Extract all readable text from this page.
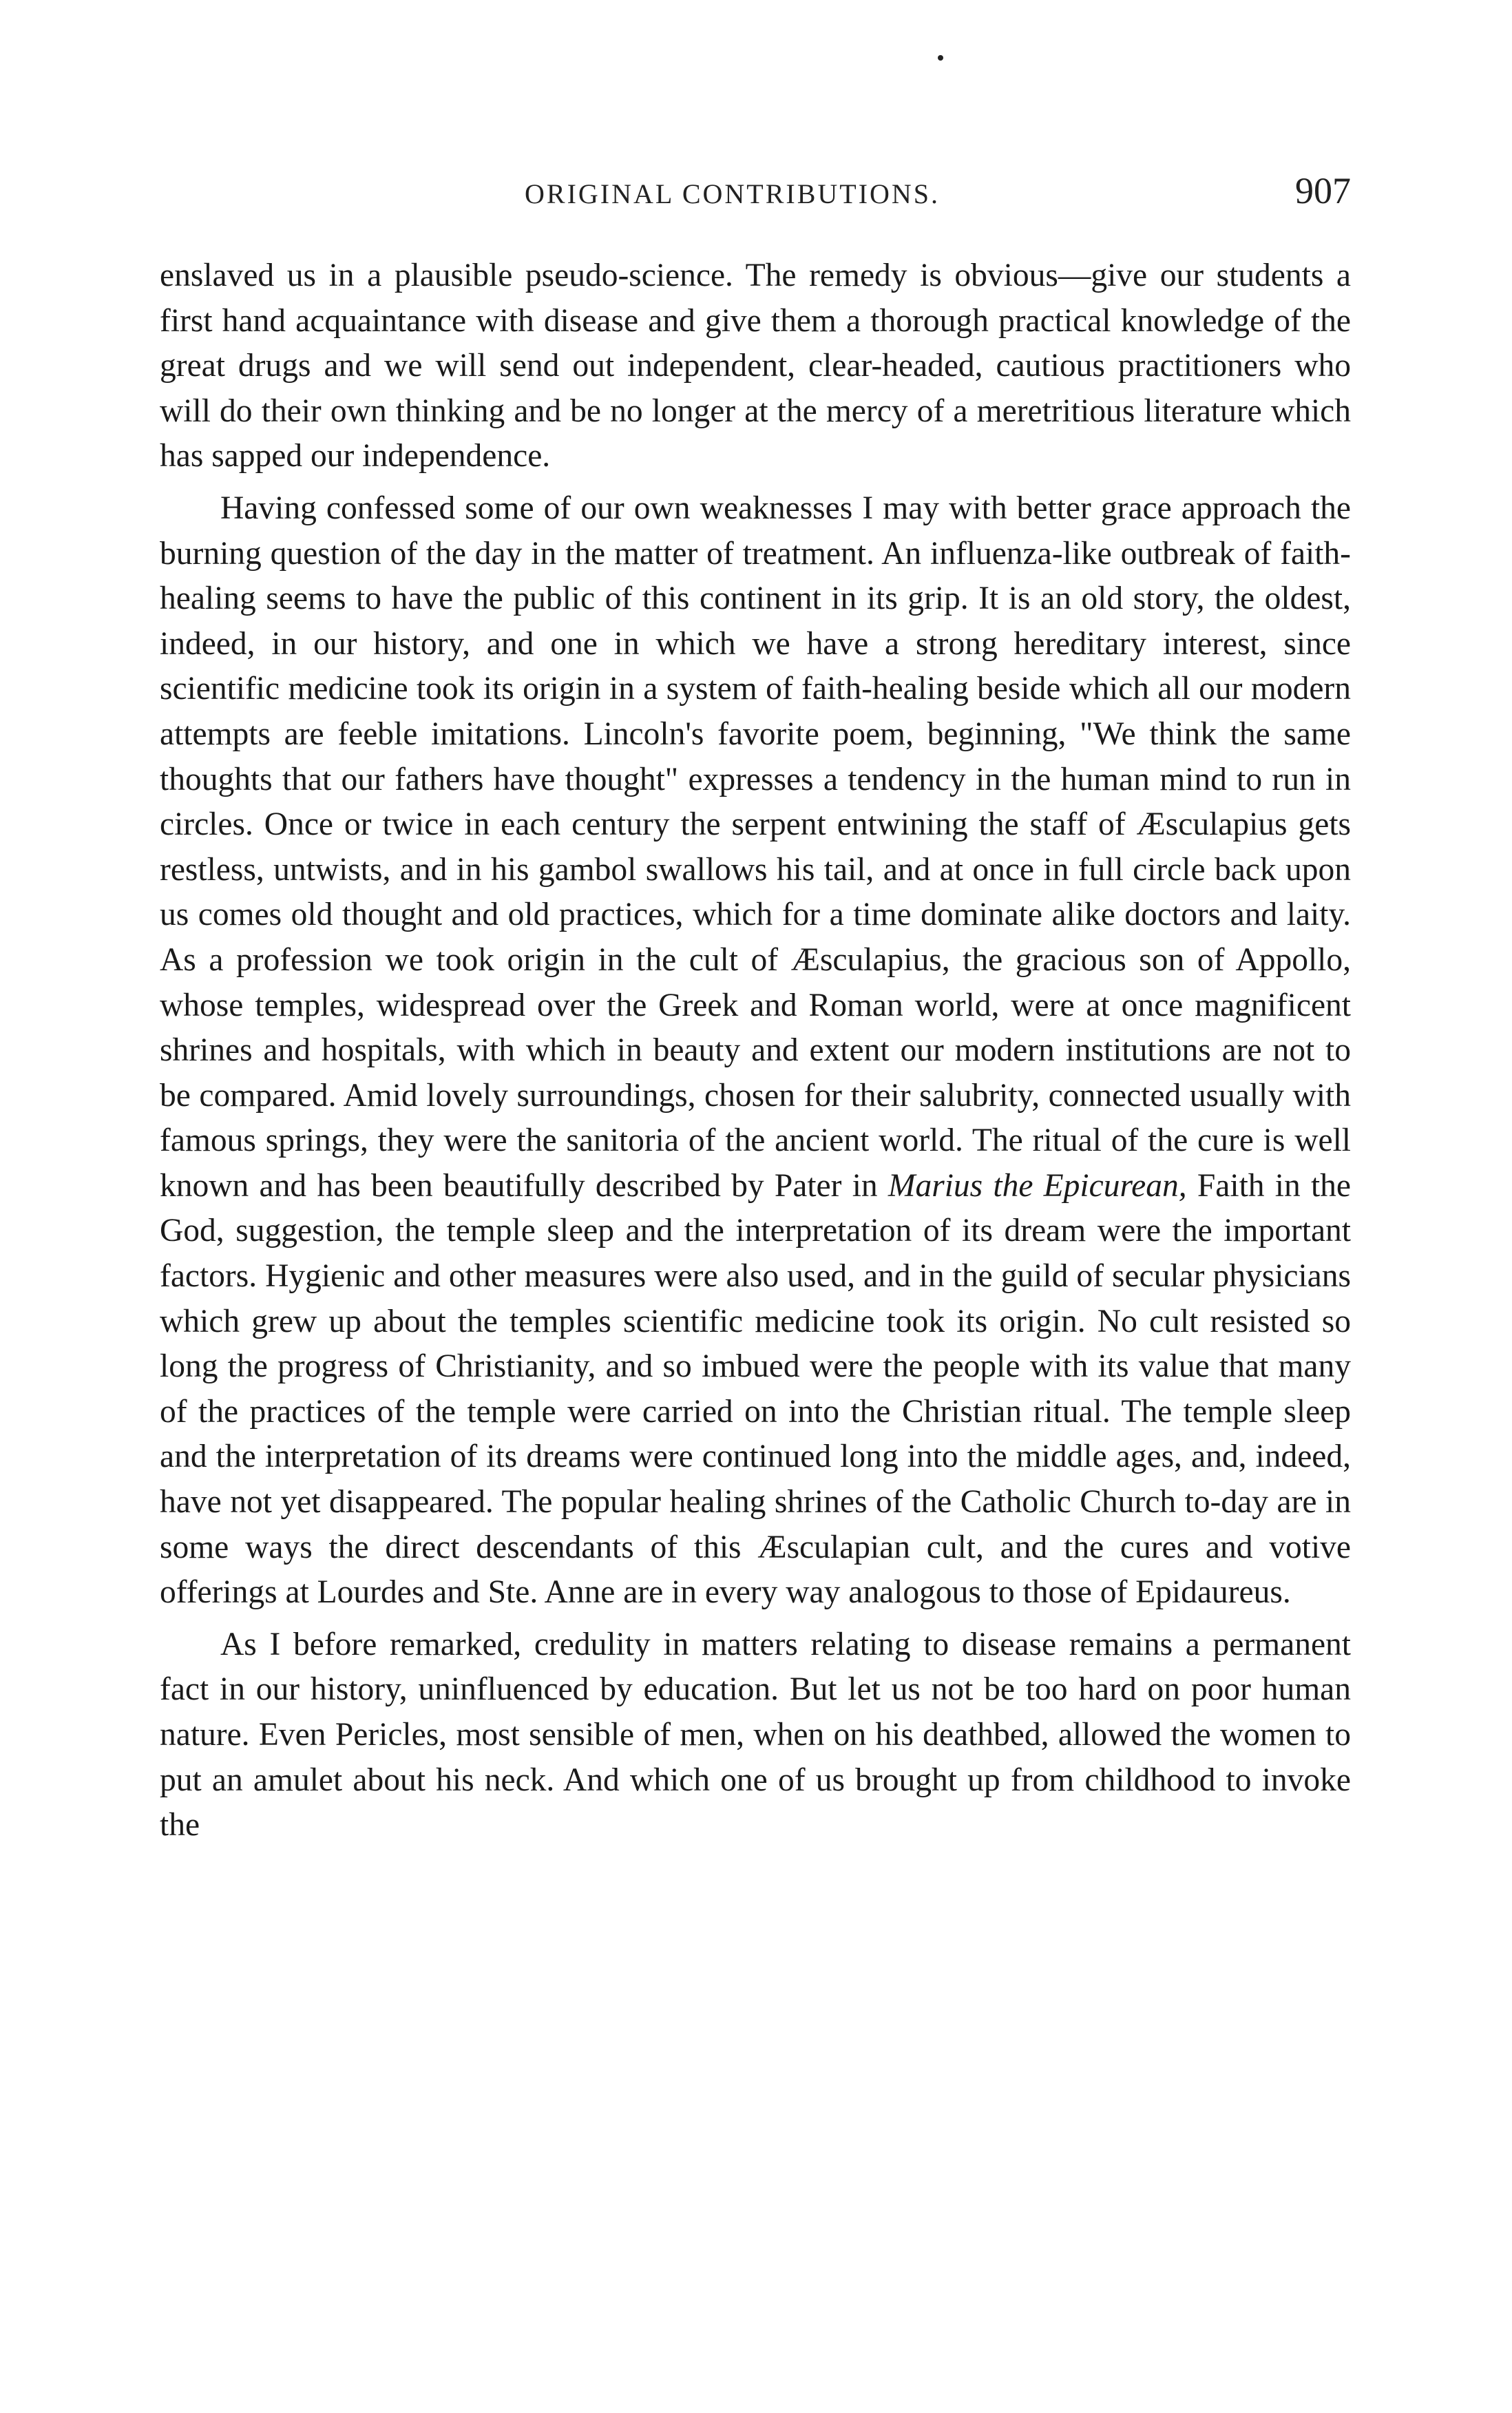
ORIGINAL CONTRIBUTIONS.	907

enslaved us in a plausible pseudo-science. The remedy is obvious—give our students a first hand acquaintance with disease and give them a thorough practical knowledge of the great drugs and we will send out independent, clear-headed, cautious practitioners who will do their own thinking and be no longer at the mercy of a meretritious literature which has sapped our independence.

Having confessed some of our own weaknesses I may with better grace approach the burning question of the day in the matter of treatment. An influenza-like outbreak of faith-healing seems to have the public of this continent in its grip. It is an old story, the oldest, indeed, in our history, and one in which we have a strong hereditary interest, since scientific medicine took its origin in a system of faith-healing beside which all our modern attempts are feeble imitations. Lincoln's favorite poem, beginning, "We think the same thoughts that our fathers have thought" expresses a tendency in the human mind to run in circles. Once or twice in each century the serpent entwining the staff of Æsculapius gets restless, untwists, and in his gambol swallows his tail, and at once in full circle back upon us comes old thought and old practices, which for a time dominate alike doctors and laity. As a profession we took origin in the cult of Æsculapius, the gracious son of Appollo, whose temples, widespread over the Greek and Roman world, were at once magnificent shrines and hospitals, with which in beauty and extent our modern institutions are not to be compared. Amid lovely surroundings, chosen for their salubrity, connected usually with famous springs, they were the sanitoria of the ancient world. The ritual of the cure is well known and has been beautifully described by Pater in Marius the Epicurean, Faith in the God, suggestion, the temple sleep and the interpretation of its dream were the important factors. Hygienic and other measures were also used, and in the guild of secular physicians which grew up about the temples scientific medicine took its origin. No cult resisted so long the progress of Christianity, and so imbued were the people with its value that many of the practices of the temple were carried on into the Christian ritual. The temple sleep and the interpretation of its dreams were continued long into the middle ages, and, indeed, have not yet disappeared. The popular healing shrines of the Catholic Church to-day are in some ways the direct descendants of this Æsculapian cult, and the cures and votive offerings at Lourdes and Ste. Anne are in every way analogous to those of Epidaureus.

As I before remarked, credulity in matters relating to disease remains a permanent fact in our history, uninfluenced by education. But let us not be too hard on poor human nature. Even Pericles, most sensible of men, when on his deathbed, allowed the women to put an amulet about his neck. And which one of us brought up from childhood to invoke the
